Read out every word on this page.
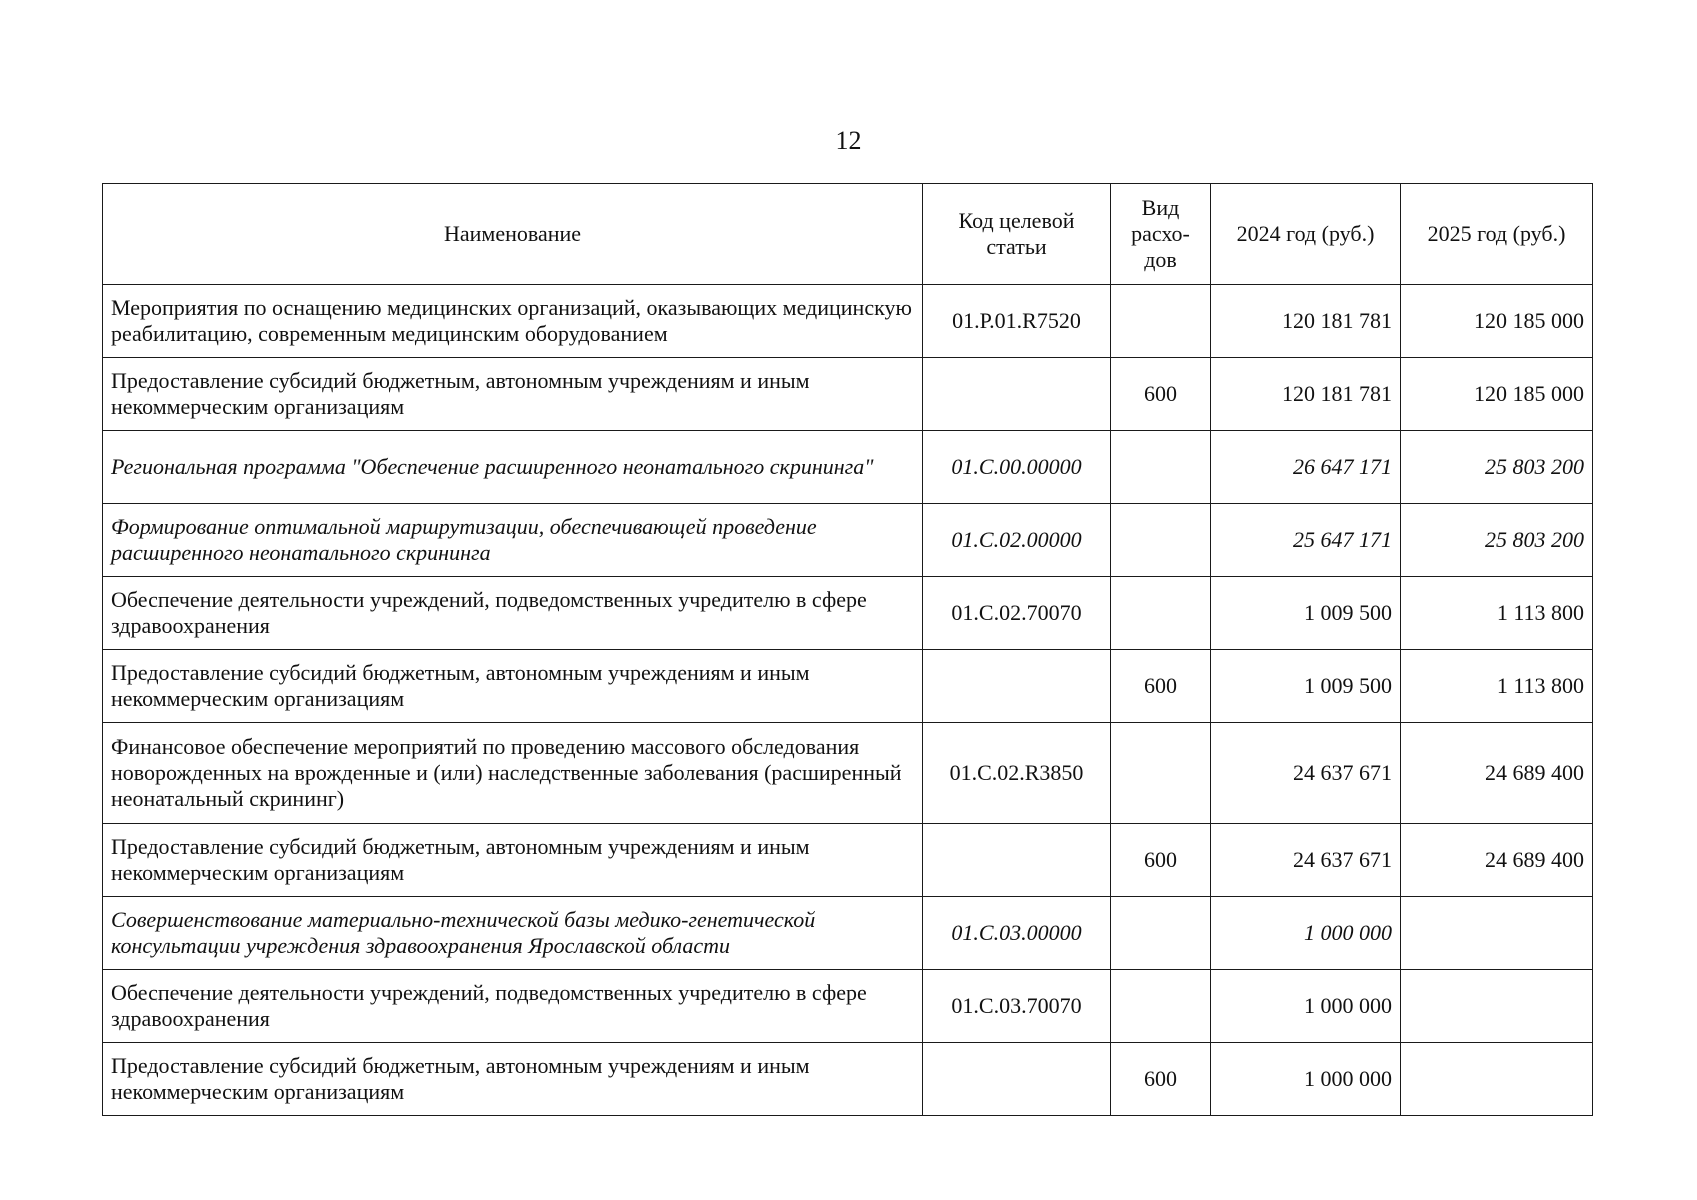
12
Наименование	Код целевой статьи	Вид расхо-дов	2024 год (руб.)	2025 год (руб.)
Мероприятия по оснащению медицинских организаций, оказывающих медицинскую реабилитацию, современным медицинским оборудованием	01.Р.01.R7520		120 181 781	120 185 000
Предоставление субсидий бюджетным, автономным учреждениям и иным некоммерческим организациям		600	120 181 781	120 185 000
Региональная программа "Обеспечение расширенного неонатального скрининга"	01.С.00.00000		26 647 171	25 803 200
Формирование оптимальной маршрутизации, обеспечивающей проведение расширенного неонатального скрининга	01.С.02.00000		25 647 171	25 803 200
Обеспечение деятельности учреждений, подведомственных учредителю в сфере здравоохранения	01.С.02.70070		1 009 500	1 113 800
Предоставление субсидий бюджетным, автономным учреждениям и иным некоммерческим организациям		600	1 009 500	1 113 800
Финансовое обеспечение мероприятий по проведению массового обследования новорожденных на врожденные и (или) наследственные заболевания (расширенный неонатальный скрининг)	01.С.02.R3850		24 637 671	24 689 400
Предоставление субсидий бюджетным, автономным учреждениям и иным некоммерческим организациям		600	24 637 671	24 689 400
Совершенствование материально-технической базы медико-генетической консультации учреждения здравоохранения Ярославской области	01.С.03.00000		1 000 000	
Обеспечение деятельности учреждений, подведомственных учредителю в сфере здравоохранения	01.С.03.70070		1 000 000	
Предоставление субсидий бюджетным, автономным учреждениям и иным некоммерческим организациям		600	1 000 000	
